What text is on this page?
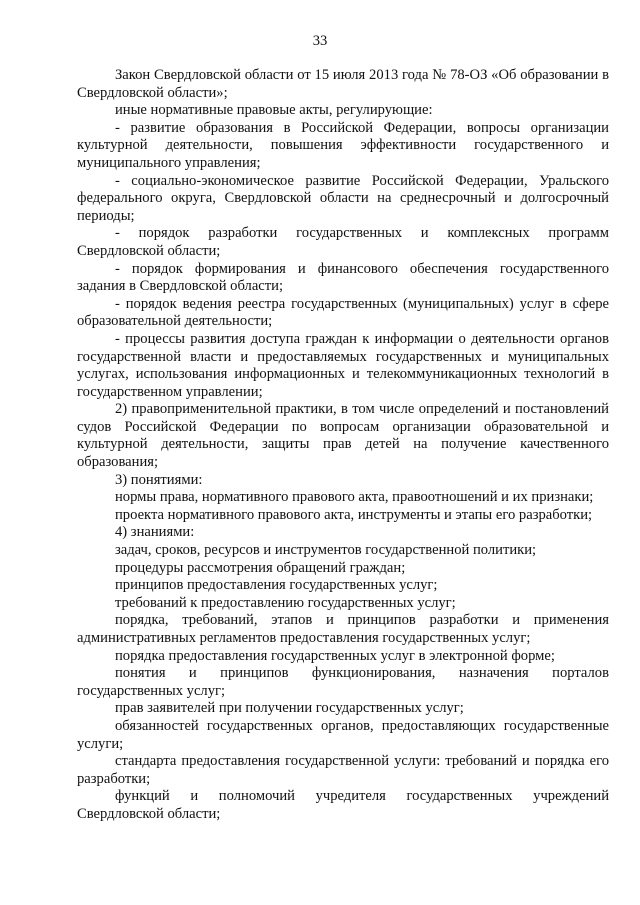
33

Закон Свердловской области от 15 июля 2013 года № 78-ОЗ «Об образовании в Свердловской области»;

иные нормативные правовые акты, регулирующие:

- развитие образования в Российской Федерации, вопросы организации культурной деятельности, повышения эффективности государственного и муниципального управления;

- социально-экономическое развитие Российской Федерации, Уральского федерального округа, Свердловской области на среднесрочный и долгосрочный периоды;

- порядок разработки государственных и комплексных программ Свердловской области;

- порядок формирования и финансового обеспечения государственного задания в Свердловской области;

- порядок ведения реестра государственных (муниципальных) услуг в сфере образовательной деятельности;

- процессы развития доступа граждан к информации о деятельности органов государственной власти и предоставляемых государственных и муниципальных услугах, использования информационных и телекоммуникационных технологий в государственном управлении;

2) правоприменительной практики, в том числе определений и постановлений судов Российской Федерации по вопросам организации образовательной и культурной деятельности, защиты прав детей на получение качественного образования;

3) понятиями:

нормы права, нормативного правового акта, правоотношений и их признаки;

проекта нормативного правового акта, инструменты и этапы его разработки;

4) знаниями:

задач, сроков, ресурсов и инструментов государственной политики;

процедуры рассмотрения обращений граждан;

принципов предоставления государственных услуг;

требований к предоставлению государственных услуг;

порядка, требований, этапов и принципов разработки и применения административных регламентов предоставления государственных услуг;

порядка предоставления государственных услуг в электронной форме;

понятия и принципов функционирования, назначения порталов государственных услуг;

прав заявителей при получении государственных услуг;

обязанностей государственных органов, предоставляющих государственные услуги;

стандарта предоставления государственной услуги: требований и порядка его разработки;

функций и полномочий учредителя государственных учреждений Свердловской области;
